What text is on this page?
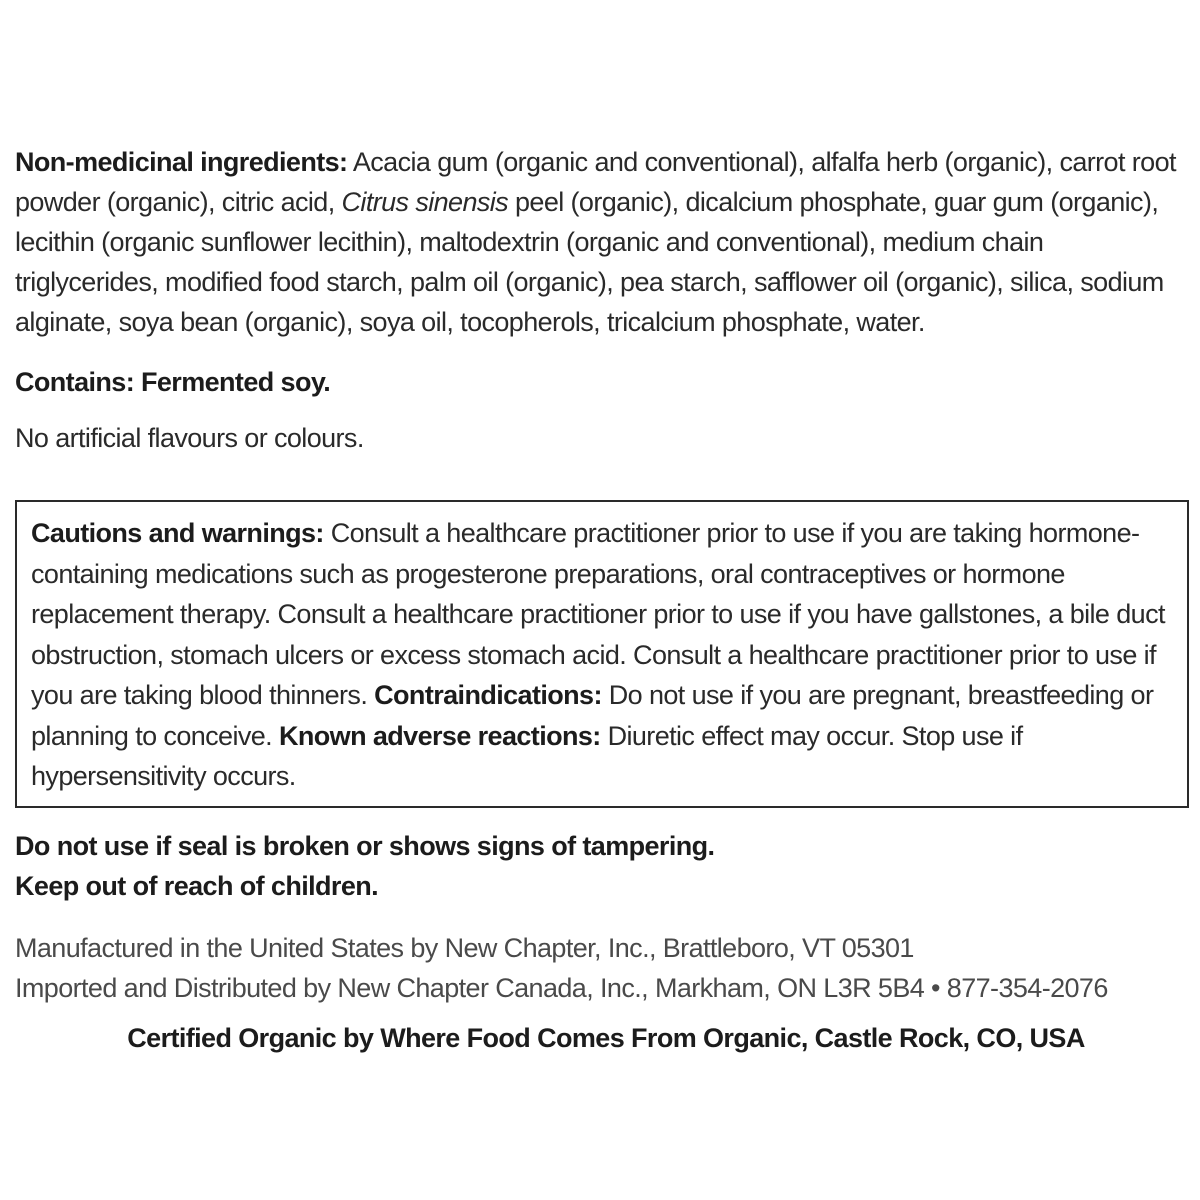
Non-medicinal ingredients: Acacia gum (organic and conventional), alfalfa herb (organic), carrot root powder (organic), citric acid, Citrus sinensis peel (organic), dicalcium phosphate, guar gum (organic), lecithin (organic sunflower lecithin), maltodextrin (organic and conventional), medium chain triglycerides, modified food starch, palm oil (organic), pea starch, safflower oil (organic), silica, sodium alginate, soya bean (organic), soya oil, tocopherols, tricalcium phosphate, water.

Contains: Fermented soy.

No artificial flavours or colours.

Cautions and warnings: Consult a healthcare practitioner prior to use if you are taking hormone-containing medications such as progesterone preparations, oral contraceptives or hormone replacement therapy. Consult a healthcare practitioner prior to use if you have gallstones, a bile duct obstruction, stomach ulcers or excess stomach acid. Consult a healthcare practitioner prior to use if you are taking blood thinners. Contraindications: Do not use if you are pregnant, breastfeeding or planning to conceive. Known adverse reactions: Diuretic effect may occur. Stop use if hypersensitivity occurs.

Do not use if seal is broken or shows signs of tampering.

Keep out of reach of children.

Manufactured in the United States by New Chapter, Inc., Brattleboro, VT 05301

Imported and Distributed by New Chapter Canada, Inc., Markham, ON L3R 5B4 • 877-354-2076

Certified Organic by Where Food Comes From Organic, Castle Rock, CO, USA
